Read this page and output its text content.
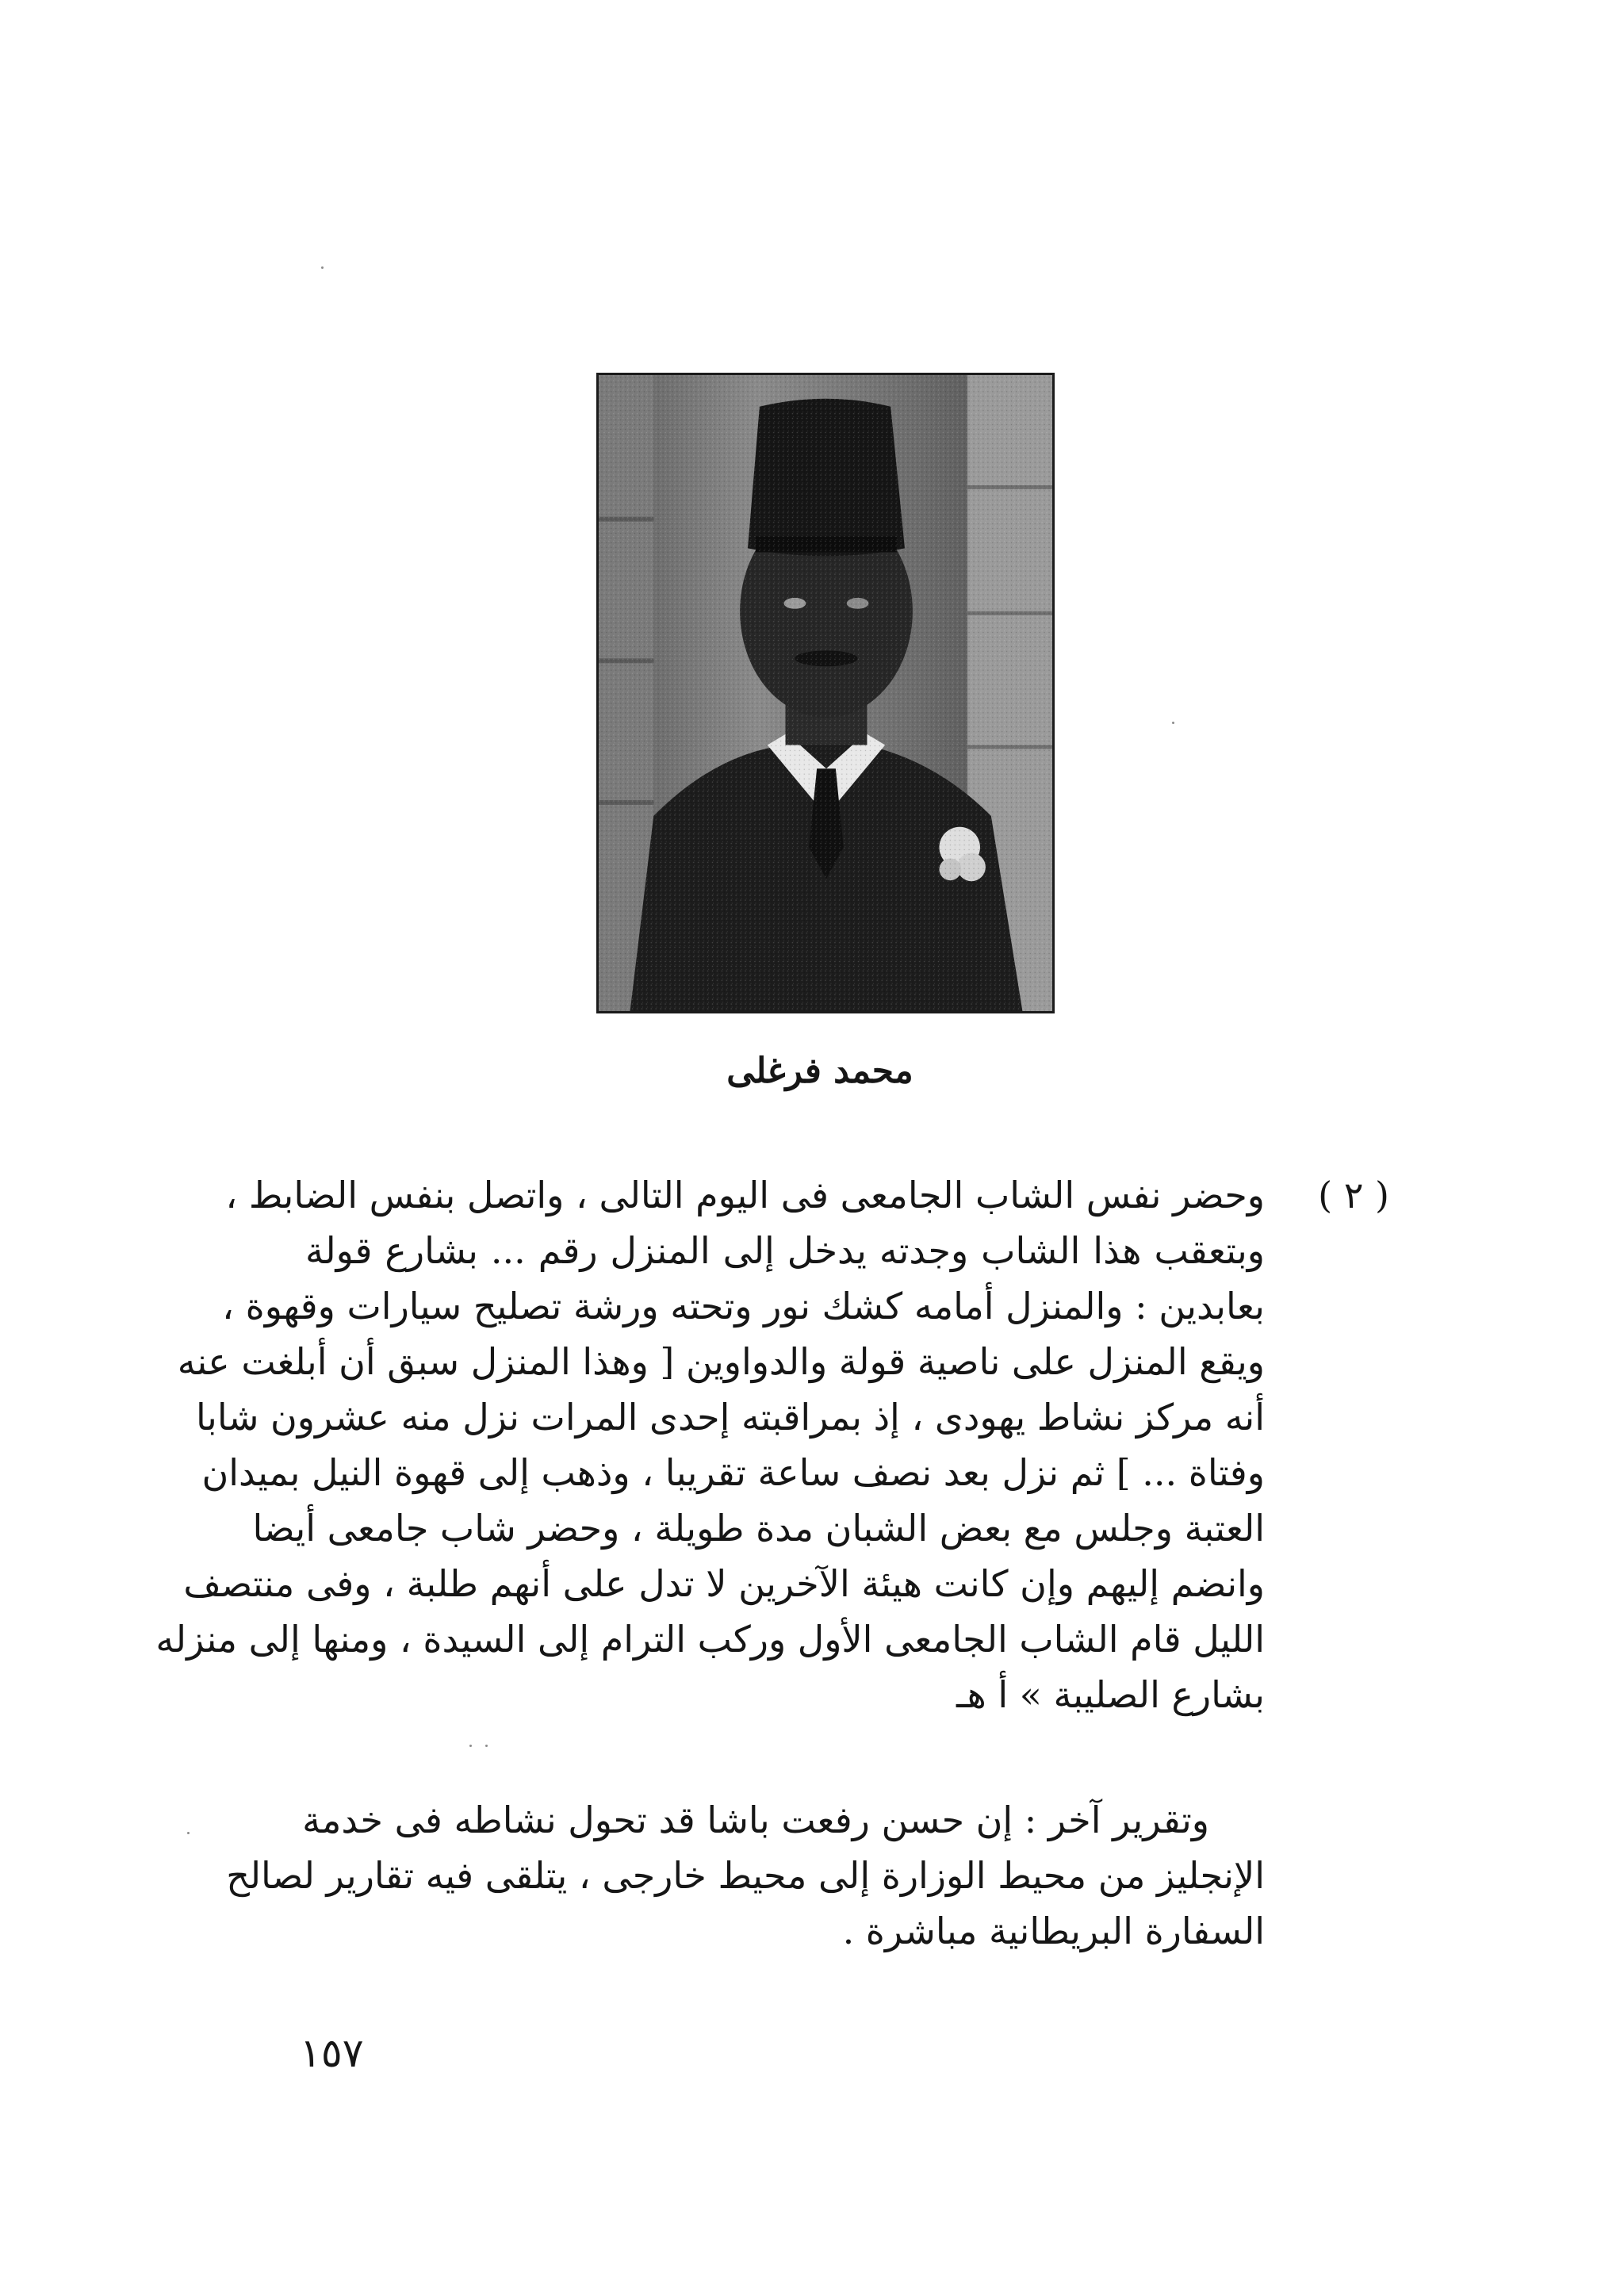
محمد فرغلى
( ٢ )
وحضر نفس الشاب الجامعى فى اليوم التالى ، واتصل بنفس الضابط ،
وبتعقب هذا الشاب وجدته يدخل إلى المنزل رقم ... بشارع قولة
بعابدين : والمنزل أمامه كشك نور وتحته ورشة تصليح سيارات وقهوة ،
ويقع المنزل على ناصية قولة والدواوين [ وهذا المنزل سبق أن أبلغت عنه
أنه مركز نشاط يهودى ، إذ بمراقبته إحدى المرات نزل منه عشرون شابا
وفتاة ... ] ثم نزل بعد نصف ساعة تقريبا ، وذهب إلى قهوة النيل بميدان
العتبة وجلس مع بعض الشبان مدة طويلة ، وحضر شاب جامعى أيضا
وانضم إليهم وإن كانت هيئة الآخرين لا تدل على أنهم طلبة ، وفى منتصف
الليل قام الشاب الجامعى الأول وركب الترام إلى السيدة ، ومنها إلى منزله
بشارع الصليبة » أ هـ
وتقرير آخر : إن حسن رفعت باشا قد تحول نشاطه فى خدمة
الإنجليز من محيط الوزارة إلى محيط خارجى ، يتلقى فيه تقارير لصالح
السفارة البريطانية مباشرة .
١٥٧
